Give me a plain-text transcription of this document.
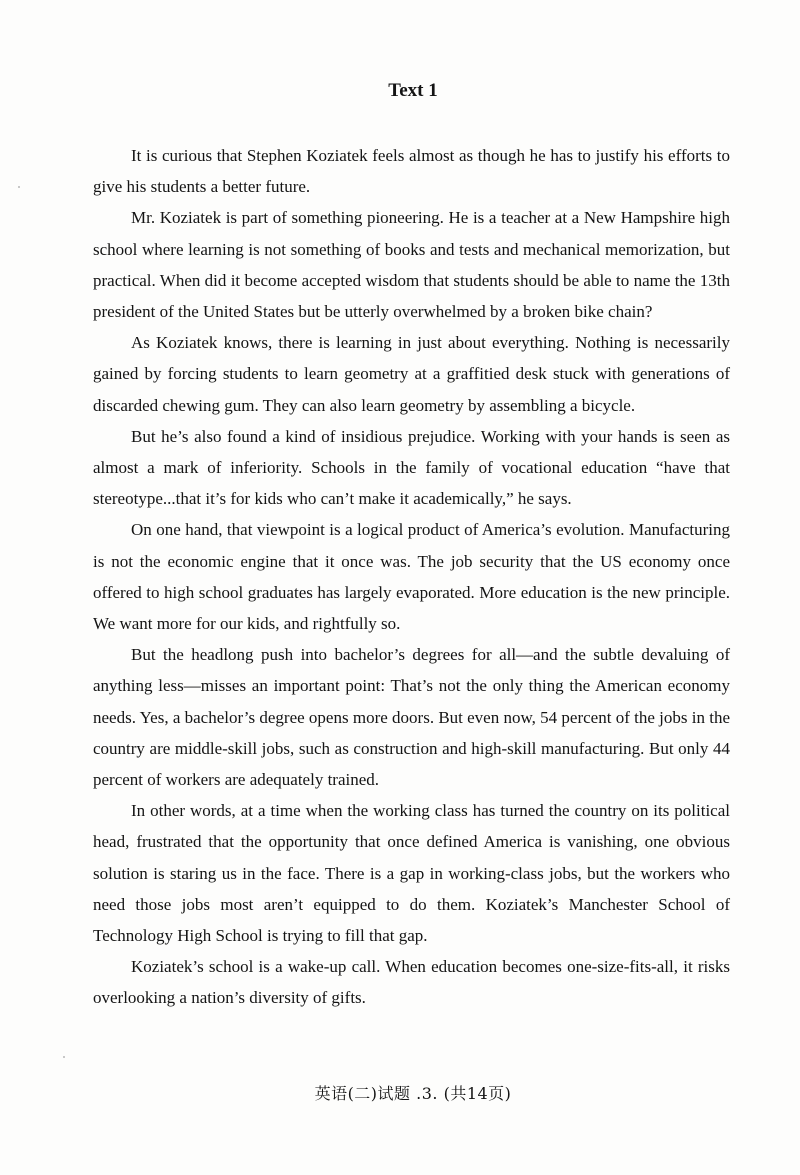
Text 1

It is curious that Stephen Koziatek feels almost as though he has to justify his efforts to give his students a better future.

Mr. Koziatek is part of something pioneering. He is a teacher at a New Hampshire high school where learning is not something of books and tests and mechanical memorization, but practical. When did it become accepted wisdom that students should be able to name the 13th president of the United States but be utterly overwhelmed by a broken bike chain?

As Koziatek knows, there is learning in just about everything. Nothing is necessarily gained by forcing students to learn geometry at a graffitied desk stuck with generations of discarded chewing gum. They can also learn geometry by assembling a bicycle.

But he’s also found a kind of insidious prejudice. Working with your hands is seen as almost a mark of inferiority. Schools in the family of vocational education “have that stereotype...that it’s for kids who can’t make it academically,” he says.

On one hand, that viewpoint is a logical product of America’s evolution. Manufacturing is not the economic engine that it once was. The job security that the US economy once offered to high school graduates has largely evaporated. More education is the new principle. We want more for our kids, and rightfully so.

But the headlong push into bachelor’s degrees for all—and the subtle devaluing of anything less—misses an important point: That’s not the only thing the American economy needs. Yes, a bachelor’s degree opens more doors. But even now, 54 percent of the jobs in the country are middle-skill jobs, such as construction and high-skill manufacturing. But only 44 percent of workers are adequately trained.

In other words, at a time when the working class has turned the country on its political head, frustrated that the opportunity that once defined America is vanishing, one obvious solution is staring us in the face. There is a gap in working-class jobs, but the workers who need those jobs most aren’t equipped to do them. Koziatek’s Manchester School of Technology High School is trying to fill that gap.

Koziatek’s school is a wake-up call. When education becomes one-size-fits-all, it risks overlooking a nation’s diversity of gifts.

英语(二)试题 .3. (共14页)
